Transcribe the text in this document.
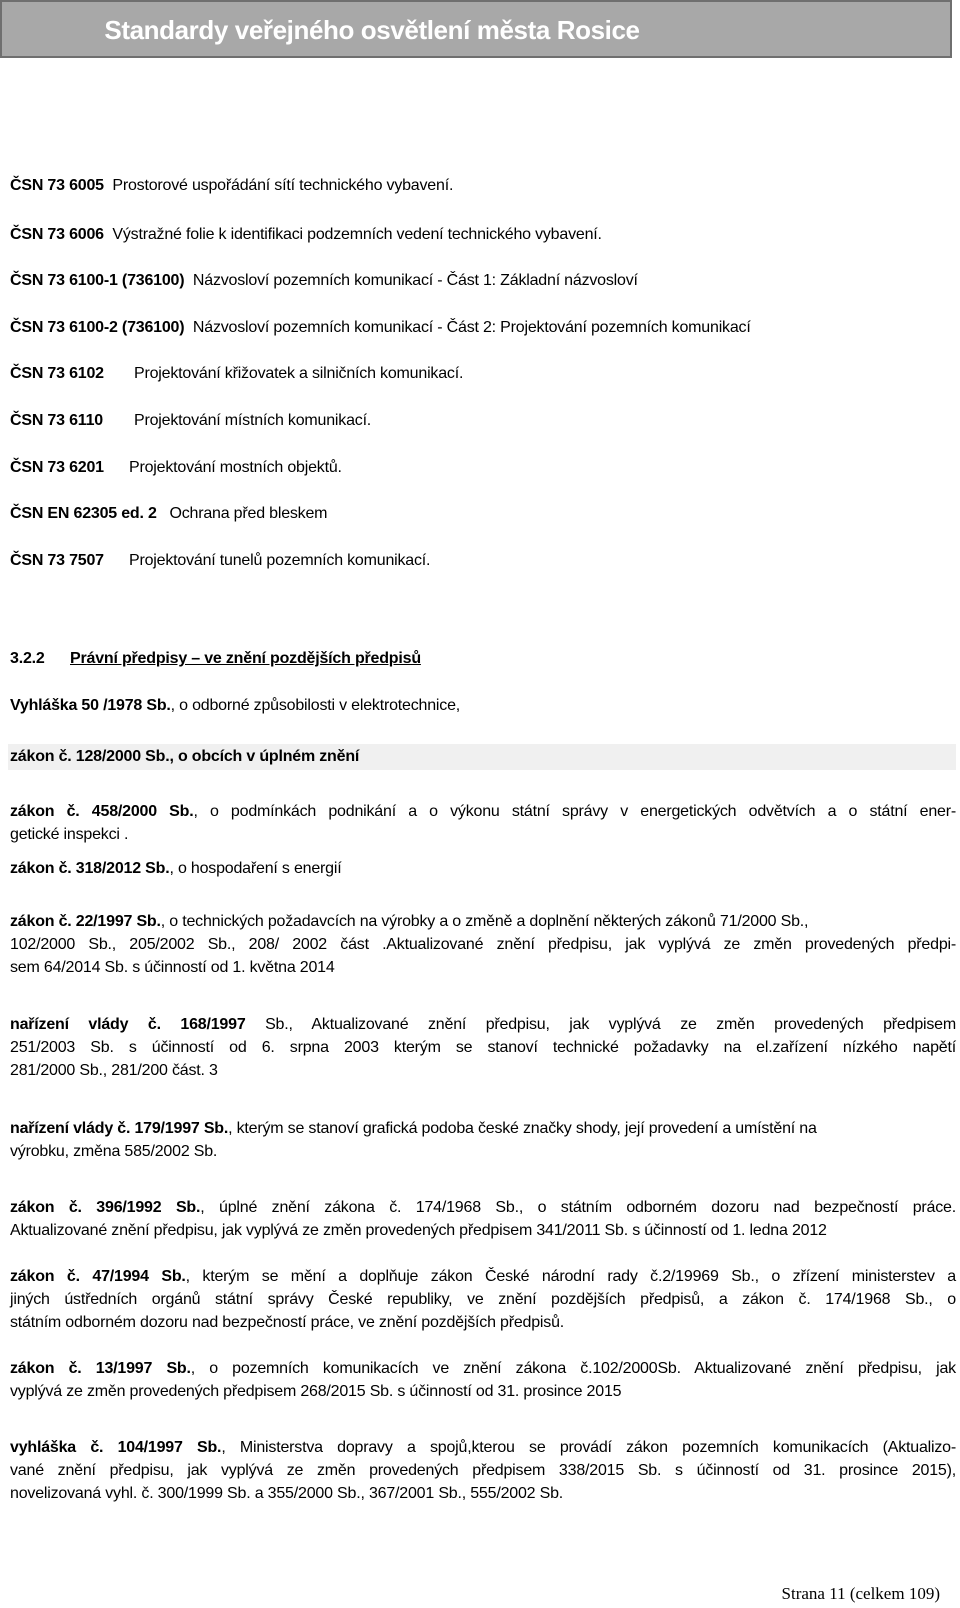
Standardy veřejného osvětlení města Rosice
ČSN 73 6005 Prostorové uspořádání sítí technického vybavení.
ČSN 73 6006 Výstražné folie k identifikaci podzemních vedení technického vybavení.
ČSN 73 6100-1 (736100) Názvosloví pozemních komunikací - Část 1: Základní názvosloví
ČSN 73 6100-2 (736100) Názvosloví pozemních komunikací - Část 2: Projektování pozemních komunikací
ČSN 73 6102 Projektování křižovatek a silničních komunikací.
ČSN 73 6110 Projektování místních komunikací.
ČSN 73 6201 Projektování mostních objektů.
ČSN EN 62305 ed. 2 Ochrana před bleskem
ČSN 73 7507 Projektování tunelů pozemních komunikací.
3.2.2 Právní předpisy – ve znění pozdějších předpisů
Vyhláška 50 /1978 Sb., o odborné způsobilosti v elektrotechnice,
zákon č. 128/2000 Sb., o obcích v úplném znění
zákon č. 458/2000 Sb., o podmínkách podnikání a o výkonu státní správy v energetických odvětvích a o státní ener-
getické inspekci .
zákon č. 318/2012 Sb., o hospodaření s energií
zákon č. 22/1997 Sb., o technických požadavcích na výrobky a o změně a doplnění některých zákonů 71/2000 Sb.,
102/2000 Sb., 205/2002 Sb., 208/ 2002 část .Aktualizované znění předpisu, jak vyplývá ze změn provedených předpi-
sem 64/2014 Sb. s účinností od 1. května 2014
nařízení vlády č. 168/1997 Sb., Aktualizované znění předpisu, jak vyplývá ze změn provedených předpisem
251/2003 Sb. s účinností od 6. srpna 2003 kterým se stanoví technické požadavky na el.zařízení nízkého napětí
281/2000 Sb., 281/200 část. 3
nařízení vlády č. 179/1997 Sb., kterým se stanoví grafická podoba české značky shody, její provedení a umístění na
výrobku, změna 585/2002 Sb.
zákon č. 396/1992 Sb., úplné znění zákona č. 174/1968 Sb., o státním odborném dozoru nad bezpečností práce.
Aktualizované znění předpisu, jak vyplývá ze změn provedených předpisem 341/2011 Sb. s účinností od 1. ledna 2012
zákon č. 47/1994 Sb., kterým se mění a doplňuje zákon České národní rady č.2/19969 Sb., o zřízení ministerstev a
jiných ústředních orgánů státní správy České republiky, ve znění pozdějších předpisů, a zákon č. 174/1968 Sb., o
státním odborném dozoru nad bezpečností práce, ve znění pozdějších předpisů.
zákon č. 13/1997 Sb., o pozemních komunikacích ve znění zákona č.102/2000Sb. Aktualizované znění předpisu, jak
vyplývá ze změn provedených předpisem 268/2015 Sb. s účinností od 31. prosince 2015
vyhláška č. 104/1997 Sb., Ministerstva dopravy a spojů,kterou se provádí zákon pozemních komunikacích (Aktualizo-
vané znění předpisu, jak vyplývá ze změn provedených předpisem 338/2015 Sb. s účinností od 31. prosince 2015),
novelizovaná vyhl. č. 300/1999 Sb. a 355/2000 Sb., 367/2001 Sb., 555/2002 Sb.
Strana 11 (celkem 109)
